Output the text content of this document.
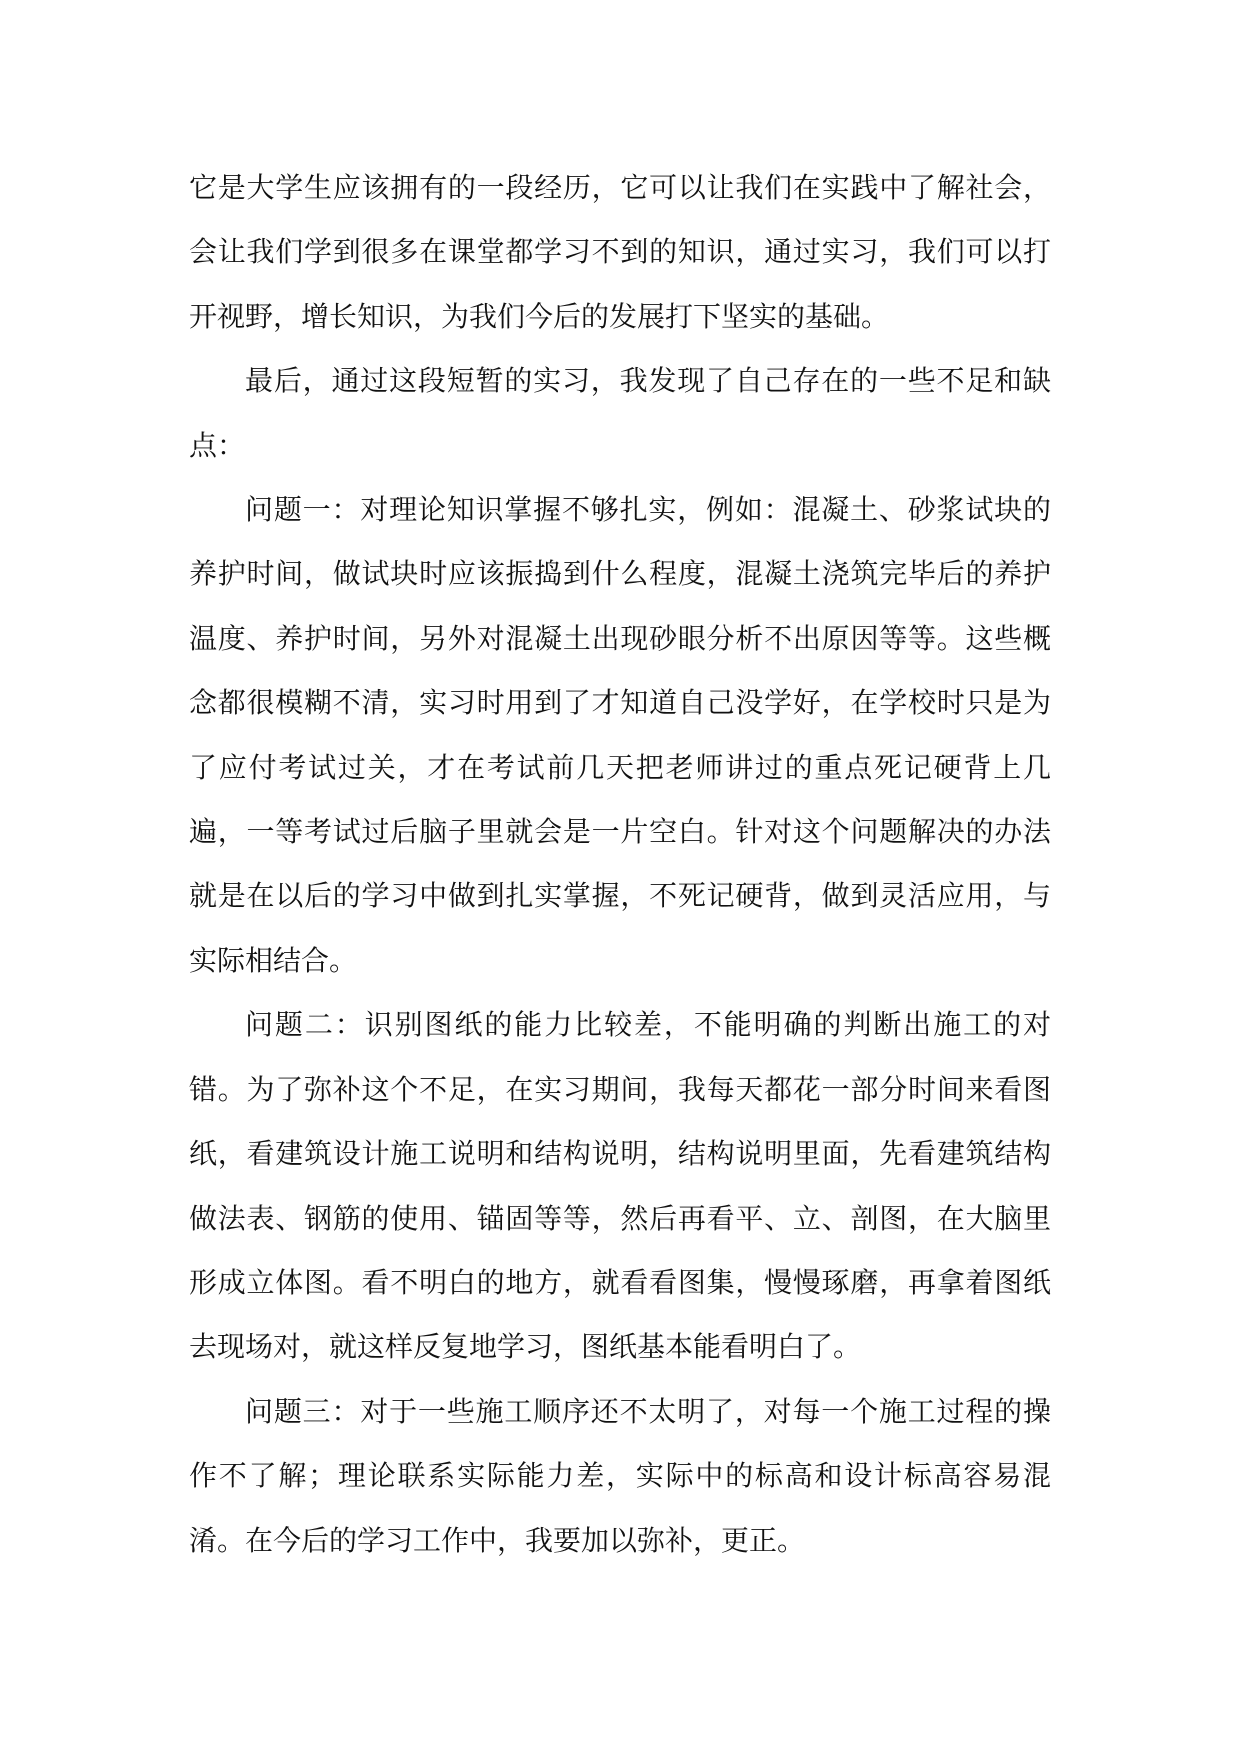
它是大学生应该拥有的一段经历，它可以让我们在实践中了解社会，会让我们学到很多在课堂都学习不到的知识，通过实习，我们可以打开视野，增长知识，为我们今后的发展打下坚实的基础。

最后，通过这段短暂的实习，我发现了自己存在的一些不足和缺点：

问题一：对理论知识掌握不够扎实，例如：混凝土、砂浆试块的养护时间，做试块时应该振捣到什么程度，混凝土浇筑完毕后的养护温度、养护时间，另外对混凝土出现砂眼分析不出原因等等。这些概念都很模糊不清，实习时用到了才知道自己没学好，在学校时只是为了应付考试过关，才在考试前几天把老师讲过的重点死记硬背上几遍，一等考试过后脑子里就会是一片空白。针对这个问题解决的办法就是在以后的学习中做到扎实掌握，不死记硬背，做到灵活应用，与实际相结合。

问题二：识别图纸的能力比较差，不能明确的判断出施工的对错。为了弥补这个不足，在实习期间，我每天都花一部分时间来看图纸，看建筑设计施工说明和结构说明，结构说明里面，先看建筑结构做法表、钢筋的使用、锚固等等，然后再看平、立、剖图，在大脑里形成立体图。看不明白的地方，就看看图集，慢慢琢磨，再拿着图纸去现场对，就这样反复地学习，图纸基本能看明白了。

问题三：对于一些施工顺序还不太明了，对每一个施工过程的操作不了解；理论联系实际能力差，实际中的标高和设计标高容易混淆。在今后的学习工作中，我要加以弥补，更正。
